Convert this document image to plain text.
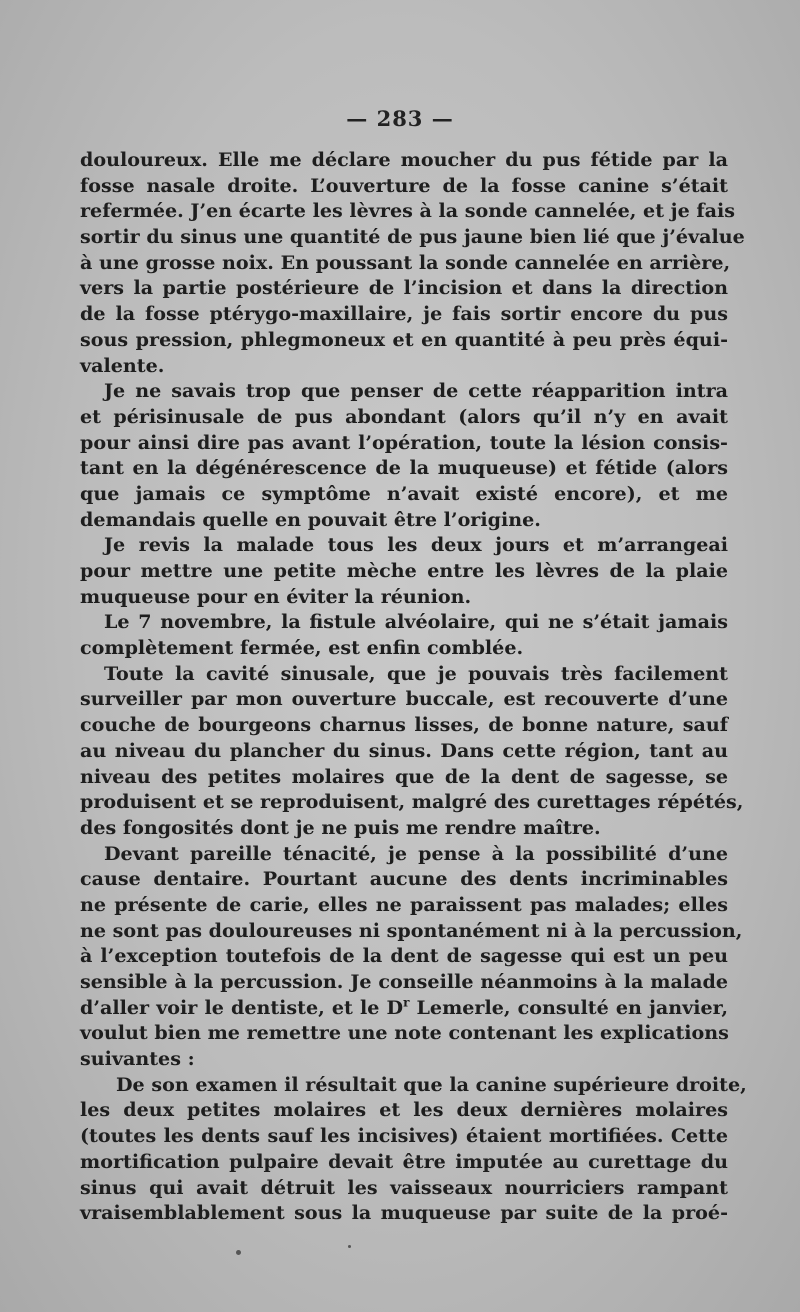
— 283 —
douloureux. Elle me déclare moucher du pus fétide par la
fosse nasale droite. L’ouverture de la fosse canine s’était
refermée. J’en écarte les lèvres à la sonde cannelée, et je fais
sortir du sinus une quantité de pus jaune bien lié que j’évalue
à une grosse noix. En poussant la sonde cannelée en arrière,
vers la partie postérieure de l’incision et dans la direction
de la fosse ptérygo-maxillaire, je fais sortir encore du pus
sous pression, phlegmoneux et en quantité à peu près équi-
valente.
Je ne savais trop que penser de cette réapparition intra
et périsinusale de pus abondant (alors qu’il n’y en avait
pour ainsi dire pas avant l’opération, toute la lésion consis-
tant en la dégénérescence de la muqueuse) et fétide (alors
que jamais ce symptôme n’avait existé encore), et me
demandais quelle en pouvait être l’origine.
Je revis la malade tous les deux jours et m’arrangeai
pour mettre une petite mèche entre les lèvres de la plaie
muqueuse pour en éviter la réunion.
Le 7 novembre, la fistule alvéolaire, qui ne s’était jamais
complètement fermée, est enfin comblée.
Toute la cavité sinusale, que je pouvais très facilement
surveiller par mon ouverture buccale, est recouverte d’une
couche de bourgeons charnus lisses, de bonne nature, sauf
au niveau du plancher du sinus. Dans cette région, tant au
niveau des petites molaires que de la dent de sagesse, se
produisent et se reproduisent, malgré des curettages répétés,
des fongosités dont je ne puis me rendre maître.
Devant pareille ténacité, je pense à la possibilité d’une
cause dentaire. Pourtant aucune des dents incriminables
ne présente de carie, elles ne paraissent pas malades; elles
ne sont pas douloureuses ni spontanément ni à la percussion,
à l’exception toutefois de la dent de sagesse qui est un peu
sensible à la percussion. Je conseille néanmoins à la malade
d’aller voir le dentiste, et le $D^r$ Lemerle, consulté en janvier,
voulut bien me remettre une note contenant les explications
suivantes :
De son examen il résultait que la canine supérieure droite,
les deux petites molaires et les deux dernières molaires
(toutes les dents sauf les incisives) étaient mortifiées. Cette
mortification pulpaire devait être imputée au curettage du
sinus qui avait détruit les vaisseaux nourriciers rampant
vraisemblablement sous la muqueuse par suite de la proé-
